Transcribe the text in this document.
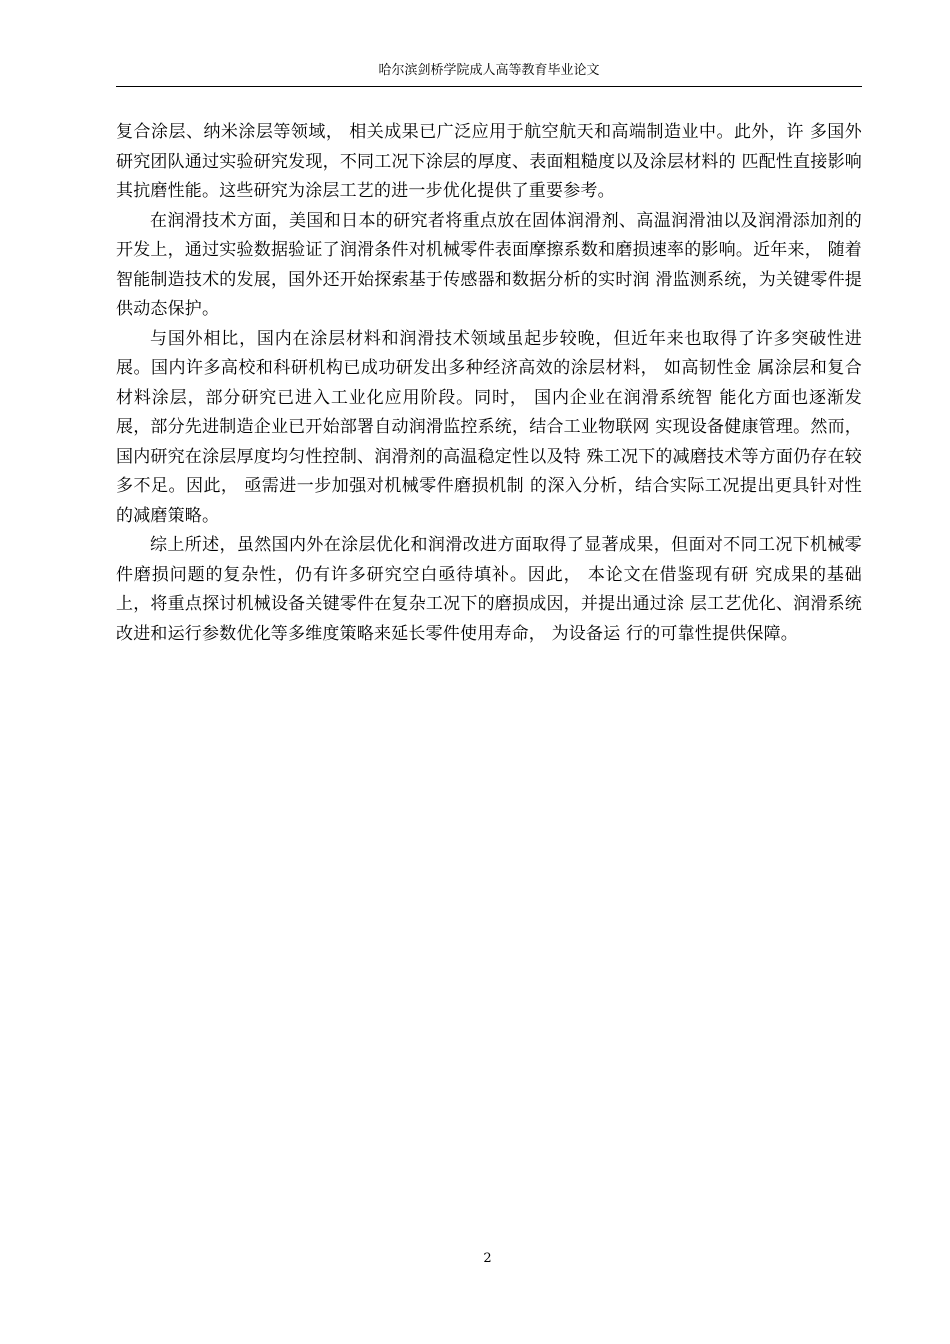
哈尔滨剑桥学院成人高等教育毕业论文

复合涂层、纳米涂层等领域， 相关成果已广泛应用于航空航天和高端制造业中。此外，许 多国外研究团队通过实验研究发现，不同工况下涂层的厚度、表面粗糙度以及涂层材料的 匹配性直接影响其抗磨性能。这些研究为涂层工艺的进一步优化提供了重要参考。

在润滑技术方面，美国和日本的研究者将重点放在固体润滑剂、高温润滑油以及润滑添加剂的开发上，通过实验数据验证了润滑条件对机械零件表面摩擦系数和磨损速率的影响。近年来， 随着智能制造技术的发展，国外还开始探索基于传感器和数据分析的实时润 滑监测系统，为关键零件提供动态保护。

与国外相比，国内在涂层材料和润滑技术领域虽起步较晚，但近年来也取得了许多突破性进展。国内许多高校和科研机构已成功研发出多种经济高效的涂层材料， 如高韧性金 属涂层和复合材料涂层，部分研究已进入工业化应用阶段。同时， 国内企业在润滑系统智 能化方面也逐渐发展，部分先进制造企业已开始部署自动润滑监控系统，结合工业物联网 实现设备健康管理。然而， 国内研究在涂层厚度均匀性控制、润滑剂的高温稳定性以及特 殊工况下的减磨技术等方面仍存在较多不足。因此， 亟需进一步加强对机械零件磨损机制 的深入分析，结合实际工况提出更具针对性的减磨策略。

综上所述，虽然国内外在涂层优化和润滑改进方面取得了显著成果，但面对不同工况下机械零件磨损问题的复杂性，仍有许多研究空白亟待填补。因此， 本论文在借鉴现有研 究成果的基础上，将重点探讨机械设备关键零件在复杂工况下的磨损成因，并提出通过涂 层工艺优化、润滑系统改进和运行参数优化等多维度策略来延长零件使用寿命， 为设备运 行的可靠性提供保障。

2
